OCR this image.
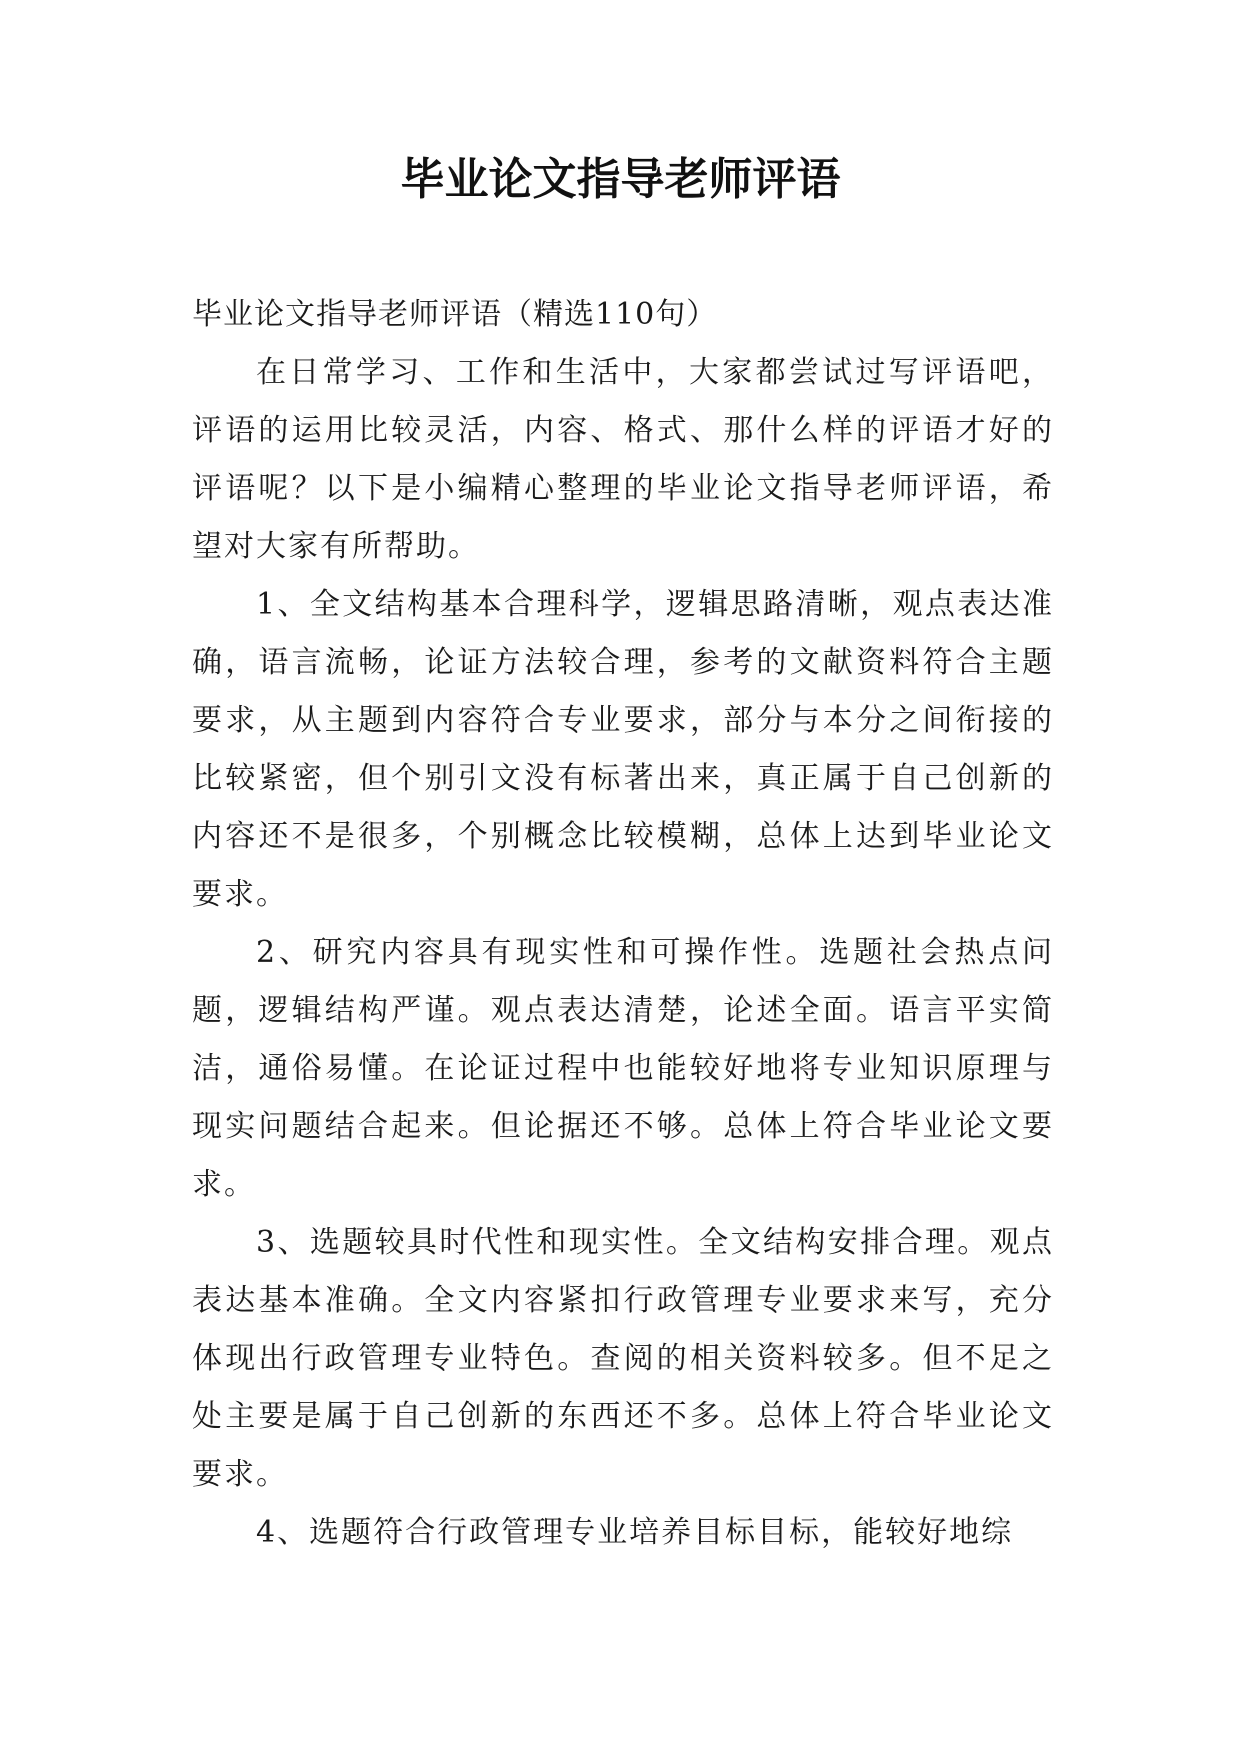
毕业论文指导老师评语

毕业论文指导老师评语（精选110句）

在日常学习、工作和生活中，大家都尝试过写评语吧，评语的运用比较灵活，内容、格式、那什么样的评语才好的评语呢？以下是小编精心整理的毕业论文指导老师评语，希望对大家有所帮助。

1、全文结构基本合理科学，逻辑思路清晰，观点表达准确，语言流畅，论证方法较合理，参考的文献资料符合主题要求，从主题到内容符合专业要求，部分与本分之间衔接的比较紧密，但个别引文没有标著出来，真正属于自己创新的内容还不是很多，个别概念比较模糊，总体上达到毕业论文要求。

2、研究内容具有现实性和可操作性。选题社会热点问题，逻辑结构严谨。观点表达清楚，论述全面。语言平实简洁，通俗易懂。在论证过程中也能较好地将专业知识原理与现实问题结合起来。但论据还不够。总体上符合毕业论文要求。

3、选题较具时代性和现实性。全文结构安排合理。观点表达基本准确。全文内容紧扣行政管理专业要求来写，充分体现出行政管理专业特色。查阅的相关资料较多。但不足之处主要是属于自己创新的东西还不多。总体上符合毕业论文要求。

4、选题符合行政管理专业培养目标目标，能较好地综
